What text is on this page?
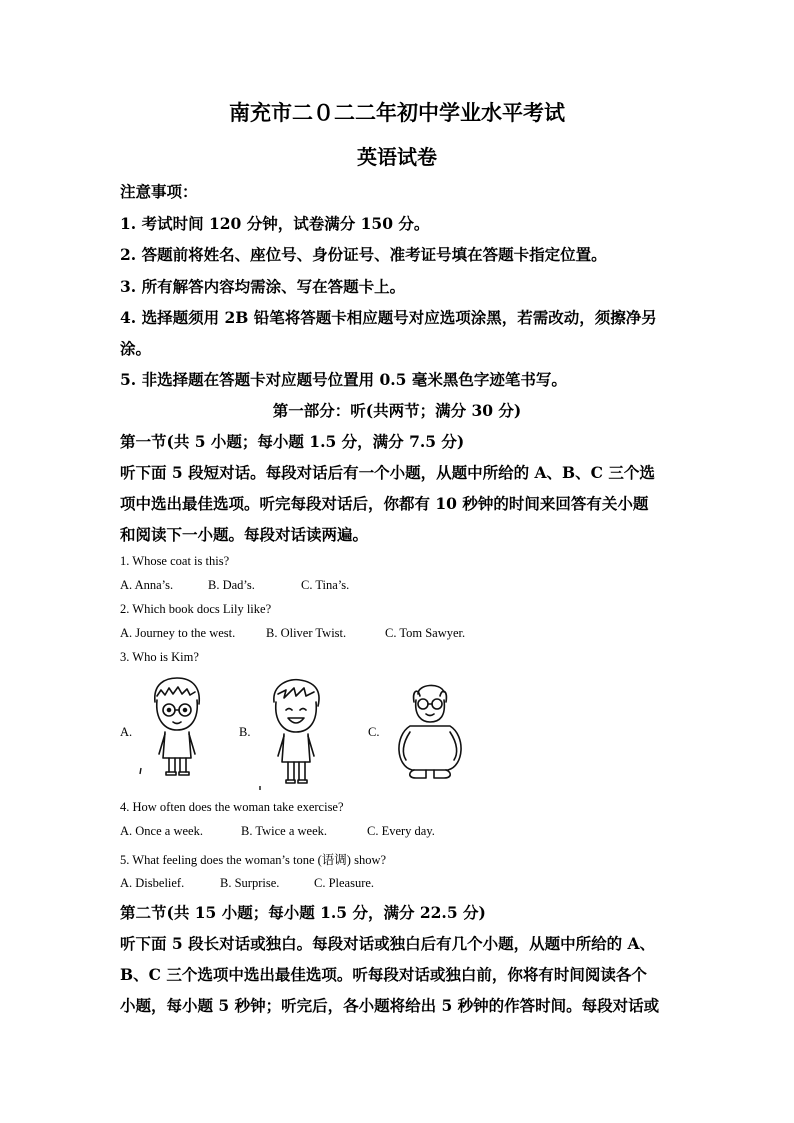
南充市二０二二年初中学业水平考试
英语试卷
注意事项：
1. 考试时间 120 分钟，试卷满分 150 分。
2. 答题前将姓名、座位号、身份证号、准考证号填在答题卡指定位置。
3. 所有解答内容均需涂、写在答题卡上。
4. 选择题须用 2B 铅笔将答题卡相应题号对应选项涂黑，若需改动，须擦净另
涂。
5. 非选择题在答题卡对应题号位置用 0.5 毫米黑色字迹笔书写。
第一部分：听(共两节；满分 30 分)
第一节(共 5 小题；每小题 1.5 分，满分 7.5 分)
听下面 5 段短对话。每段对话后有一个小题，从题中所给的 A、B、C 三个选
项中选出最佳选项。听完每段对话后，你都有 10 秒钟的时间来回答有关小题
和阅读下一小题。每段对话读两遍。
1. Whose coat is this?
A. Anna’s.	B. Dad’s.	C. Tina’s.
2. Which book docs Lily like?
A. Journey to the west. B. Oliver Twist.	C. Tom Sawyer.
3. Who is Kim?
A.	B.	C.
4. How often does the woman take exercise?
A. Once a week.	B. Twice a week.	C. Every day.
5. What feeling does the woman’s tone (语调) show?
A. Disbelief.	B. Surprise.	C. Pleasure.
第二节(共 15 小题；每小题 1.5 分，满分 22.5 分)
听下面 5 段长对话或独白。每段对话或独白后有几个小题，从题中所给的 A、
B、C 三个选项中选出最佳选项。听每段对话或独白前，你将有时间阅读各个
小题，每小题 5 秒钟；听完后，各小题将给出 5 秒钟的作答时间。每段对话或
